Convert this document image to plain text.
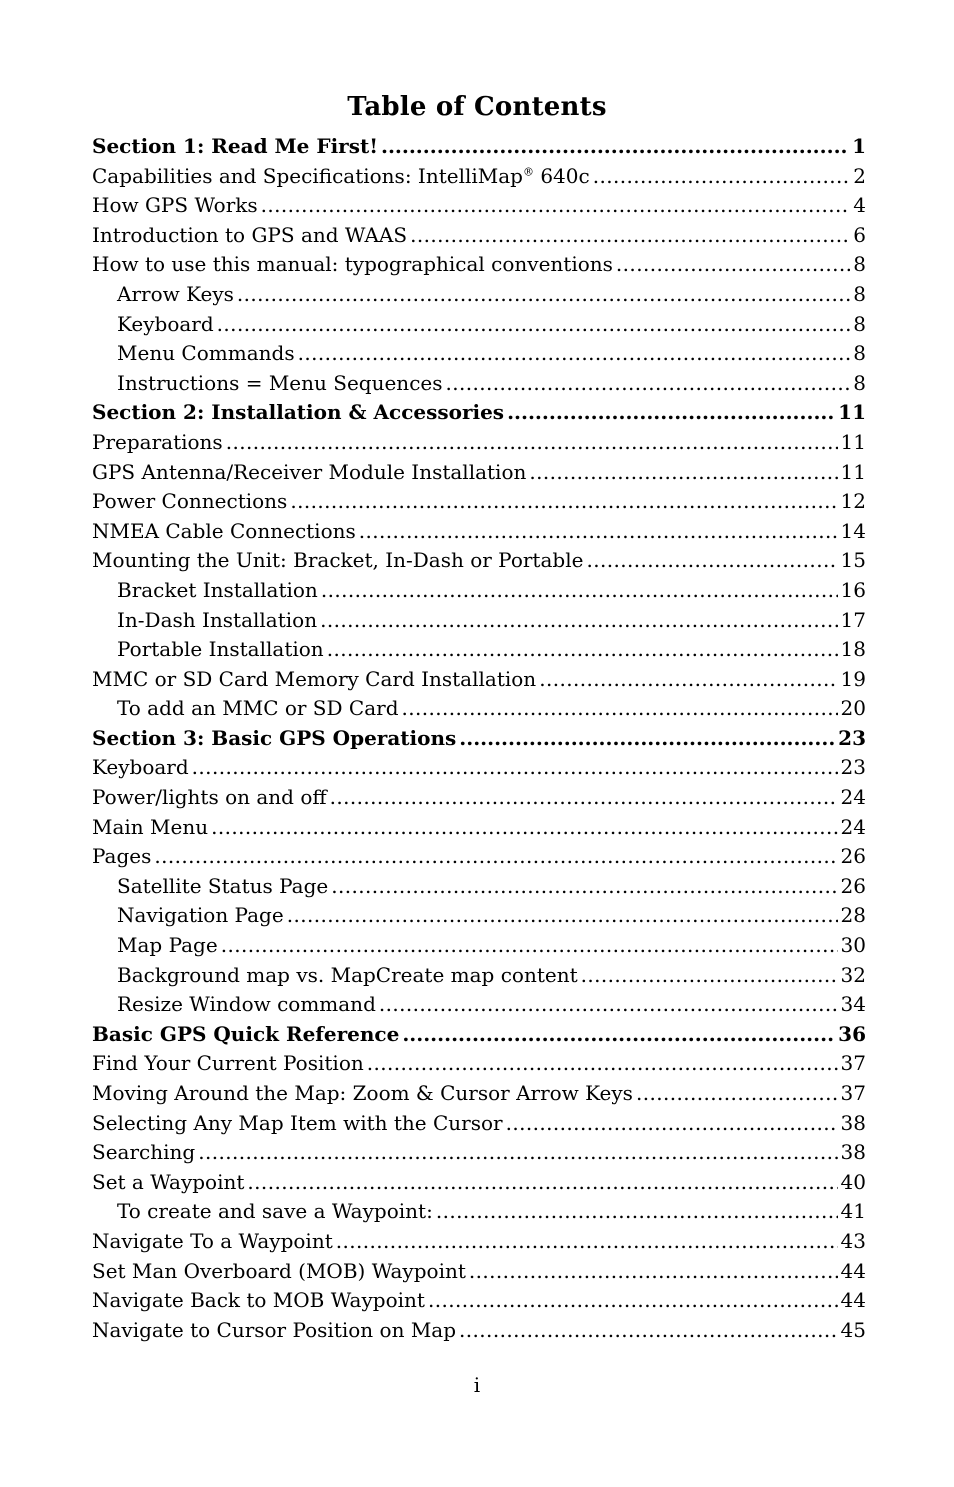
Table of Contents
Section 1: Read Me First! .....	1
Capabilities and Specifications: IntelliMap® 640c .....	2
How GPS Works .....	4
Introduction to GPS and WAAS .....	6
How to use this manual: typographical conventions .....	8
Arrow Keys .....	8
Keyboard .....	8
Menu Commands .....	8
Instructions = Menu Sequences .....	8
Section 2: Installation & Accessories .....	11
Preparations .....	11
GPS Antenna/Receiver Module Installation .....	11
Power Connections .....	12
NMEA Cable Connections .....	14
Mounting the Unit: Bracket, In-Dash or Portable .....	15
Bracket Installation .....	16
In-Dash Installation .....	17
Portable Installation .....	18
MMC or SD Card Memory Card Installation .....	19
To add an MMC or SD Card .....	20
Section 3: Basic GPS Operations .....	23
Keyboard .....	23
Power/lights on and off .....	24
Main Menu .....	24
Pages .....	26
Satellite Status Page .....	26
Navigation Page .....	28
Map Page .....	30
Background map vs. MapCreate map content .....	32
Resize Window command .....	34
Basic GPS Quick Reference .....	36
Find Your Current Position .....	37
Moving Around the Map: Zoom & Cursor Arrow Keys .....	37
Selecting Any Map Item with the Cursor .....	38
Searching .....	38
Set a Waypoint .....	40
To create and save a Waypoint: .....	41
Navigate To a Waypoint .....	43
Set Man Overboard (MOB) Waypoint .....	44
Navigate Back to MOB Waypoint .....	44
Navigate to Cursor Position on Map .....	45
i
